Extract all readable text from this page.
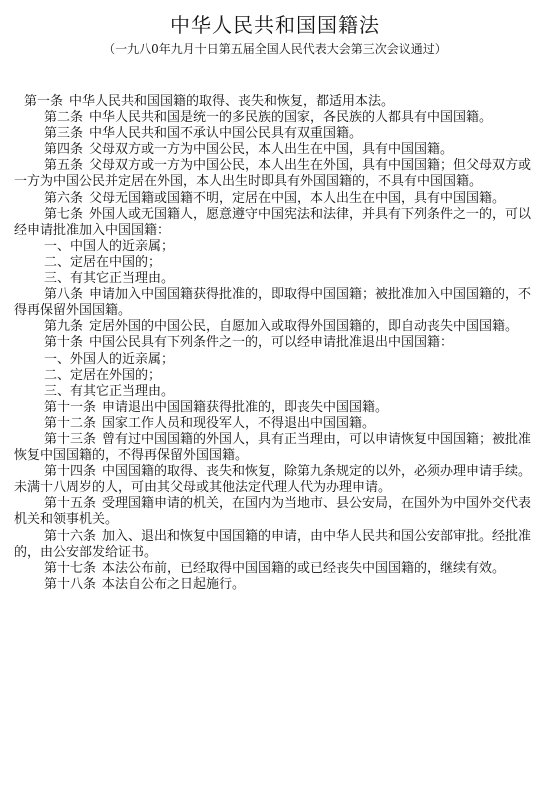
中华人民共和国国籍法

（一九八0年九月十日第五届全国人民代表大会第三次会议通过）

第一条 中华人民共和国国籍的取得、丧失和恢复，都适用本法。

第二条 中华人民共和国是统一的多民族的国家，各民族的人都具有中国国籍。

第三条 中华人民共和国不承认中国公民具有双重国籍。

第四条 父母双方或一方为中国公民，本人出生在中国，具有中国国籍。

第五条 父母双方或一方为中国公民，本人出生在外国，具有中国国籍；但父母双方或一方为中国公民并定居在外国，本人出生时即具有外国国籍的，不具有中国国籍。

第六条 父母无国籍或国籍不明，定居在中国，本人出生在中国，具有中国国籍。

第七条 外国人或无国籍人，愿意遵守中国宪法和法律，并具有下列条件之一的，可以经申请批准加入中国国籍：

一、中国人的近亲属；

二、定居在中国的；

三、有其它正当理由。

第八条 申请加入中国国籍获得批准的，即取得中国国籍；被批准加入中国国籍的，不得再保留外国国籍。

第九条 定居外国的中国公民，自愿加入或取得外国国籍的，即自动丧失中国国籍。

第十条 中国公民具有下列条件之一的，可以经申请批准退出中国国籍：

一、外国人的近亲属；

二、定居在外国的；

三、有其它正当理由。

第十一条 申请退出中国国籍获得批准的，即丧失中国国籍。

第十二条 国家工作人员和现役军人，不得退出中国国籍。

第十三条 曾有过中国国籍的外国人，具有正当理由，可以申请恢复中国国籍；被批准恢复中国国籍的，不得再保留外国国籍。

第十四条 中国国籍的取得、丧失和恢复，除第九条规定的以外，必须办理申请手续。未满十八周岁的人，可由其父母或其他法定代理人代为办理申请。

第十五条 受理国籍申请的机关，在国内为当地市、县公安局，在国外为中国外交代表机关和领事机关。

第十六条 加入、退出和恢复中国国籍的申请，由中华人民共和国公安部审批。经批准的，由公安部发给证书。

第十七条 本法公布前，已经取得中国国籍的或已经丧失中国国籍的，继续有效。

第十八条 本法自公布之日起施行。
